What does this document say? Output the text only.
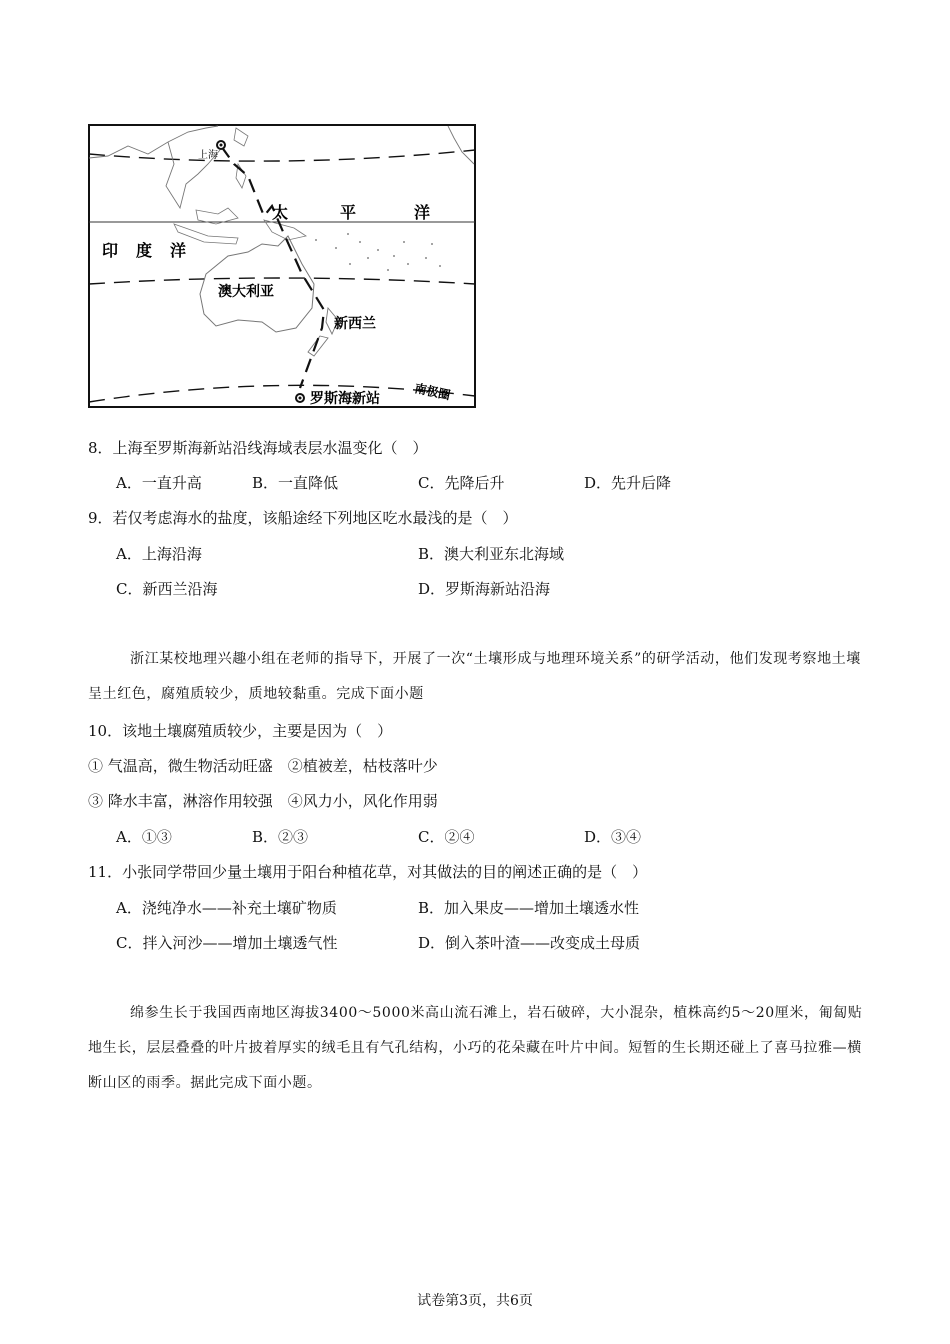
上海
太	平	洋
印 度 洋
澳大利亚
新西兰
南极圈
罗斯海新站
8．上海至罗斯海新站沿线海域表层水温变化（　）
A．一直升高	B．一直降低	C．先降后升	D．先升后降
9．若仅考虑海水的盐度，该船途经下列地区吃水最浅的是（　）
A．上海沿海	B．澳大利亚东北海域
C．新西兰沿海	D．罗斯海新站沿海
浙江某校地理兴趣小组在老师的指导下，开展了一次“土壤形成与地理环境关系”的研学活动，他们发现考察地土壤呈土红色，腐殖质较少，质地较黏重。完成下面小题
10．该地土壤腐殖质较少，主要是因为（　）
① 气温高，微生物活动旺盛　②植被差，枯枝落叶少
③ 降水丰富，淋溶作用较强　④风力小，风化作用弱
A．①③	B．②③	C．②④	D．③④
11．小张同学带回少量土壤用于阳台种植花草，对其做法的目的阐述正确的是（　）
A．浇纯净水——补充土壤矿物质	B．加入果皮——增加土壤透水性
C．拌入河沙——增加土壤透气性	D．倒入茶叶渣——改变成土母质
绵参生长于我国西南地区海拔3400～5000米高山流石滩上，岩石破碎，大小混杂，植株高约5～20厘米，匍匐贴地生长，层层叠叠的叶片披着厚实的绒毛且有气孔结构，小巧的花朵藏在叶片中间。短暂的生长期还碰上了喜马拉雅—横断山区的雨季。据此完成下面小题。
试卷第3页，共6页
